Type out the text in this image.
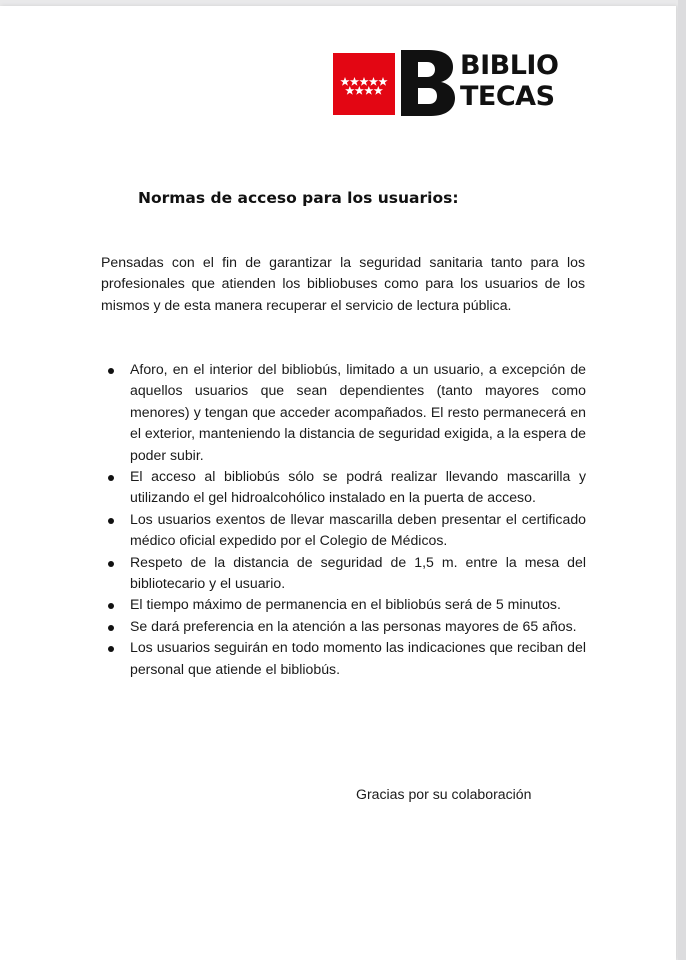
BIBLIO
TECAS
Normas de acceso para los usuarios:

Pensadas con el fin de garantizar la seguridad sanitaria tanto para los profesionales que atienden los bibliobuses como para los usuarios de los mismos y de esta manera recuperar el servicio de lectura pública.

Aforo, en el interior del bibliobús, limitado a un usuario, a excepción de aquellos usuarios que sean dependientes (tanto mayores como menores) y tengan que acceder acompañados. El resto permanecerá en el exterior, manteniendo la distancia de seguridad exigida, a la espera de poder subir.
El acceso al bibliobús sólo se podrá realizar llevando mascarilla y utilizando el gel hidroalcohólico instalado en la puerta de acceso.
Los usuarios exentos de llevar mascarilla deben presentar el certificado médico oficial expedido por el Colegio de Médicos.
Respeto de la distancia de seguridad de 1,5 m. entre la mesa del bibliotecario y el usuario.
El tiempo máximo de permanencia en el bibliobús será de 5 minutos.
Se dará preferencia en la atención a las personas mayores de 65 años.
Los usuarios seguirán en todo momento las indicaciones que reciban del personal que atiende el bibliobús.

Gracias por su colaboración
